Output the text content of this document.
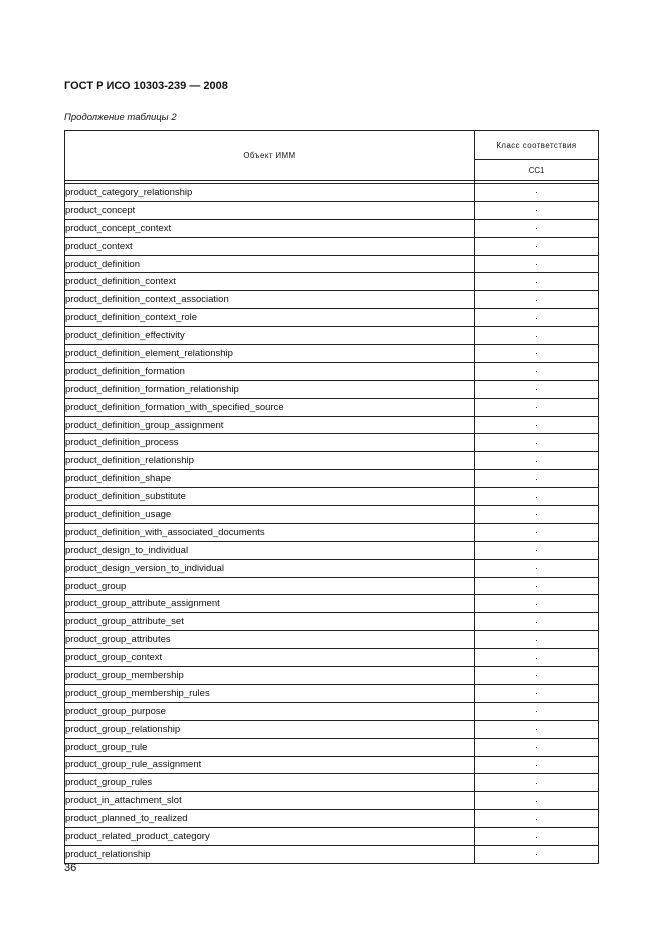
ГОСТ Р ИСО 10303-239 — 2008
Продолжение таблицы 2
Объект ИММ	Класс соответствия
	CC1

product_category_relationship	·
product_concept	·
product_concept_context	·
product_context	·
product_definition	·
product_definition_context	·
product_definition_context_association	·
product_definition_context_role	·
product_definition_effectivity	·
product_definition_element_relationship	·
product_definition_formation	·
product_definition_formation_relationship	·
product_definition_formation_with_specified_source	·
product_definition_group_assignment	·
product_definition_process	·
product_definition_relationship	·
product_definition_shape	·
product_definition_substitute	·
product_definition_usage	·
product_definition_with_associated_documents	·
product_design_to_individual	·
product_design_version_to_individual	·
product_group	·
product_group_attribute_assignment	·
product_group_attribute_set	·
product_group_attributes	·
product_group_context	·
product_group_membership	·
product_group_membership_rules	·
product_group_purpose	·
product_group_relationship	·
product_group_rule	·
product_group_rule_assignment	·
product_group_rules	·
product_in_attachment_slot	·
product_planned_to_realized	·
product_related_product_category	·
product_relationship	·
36
